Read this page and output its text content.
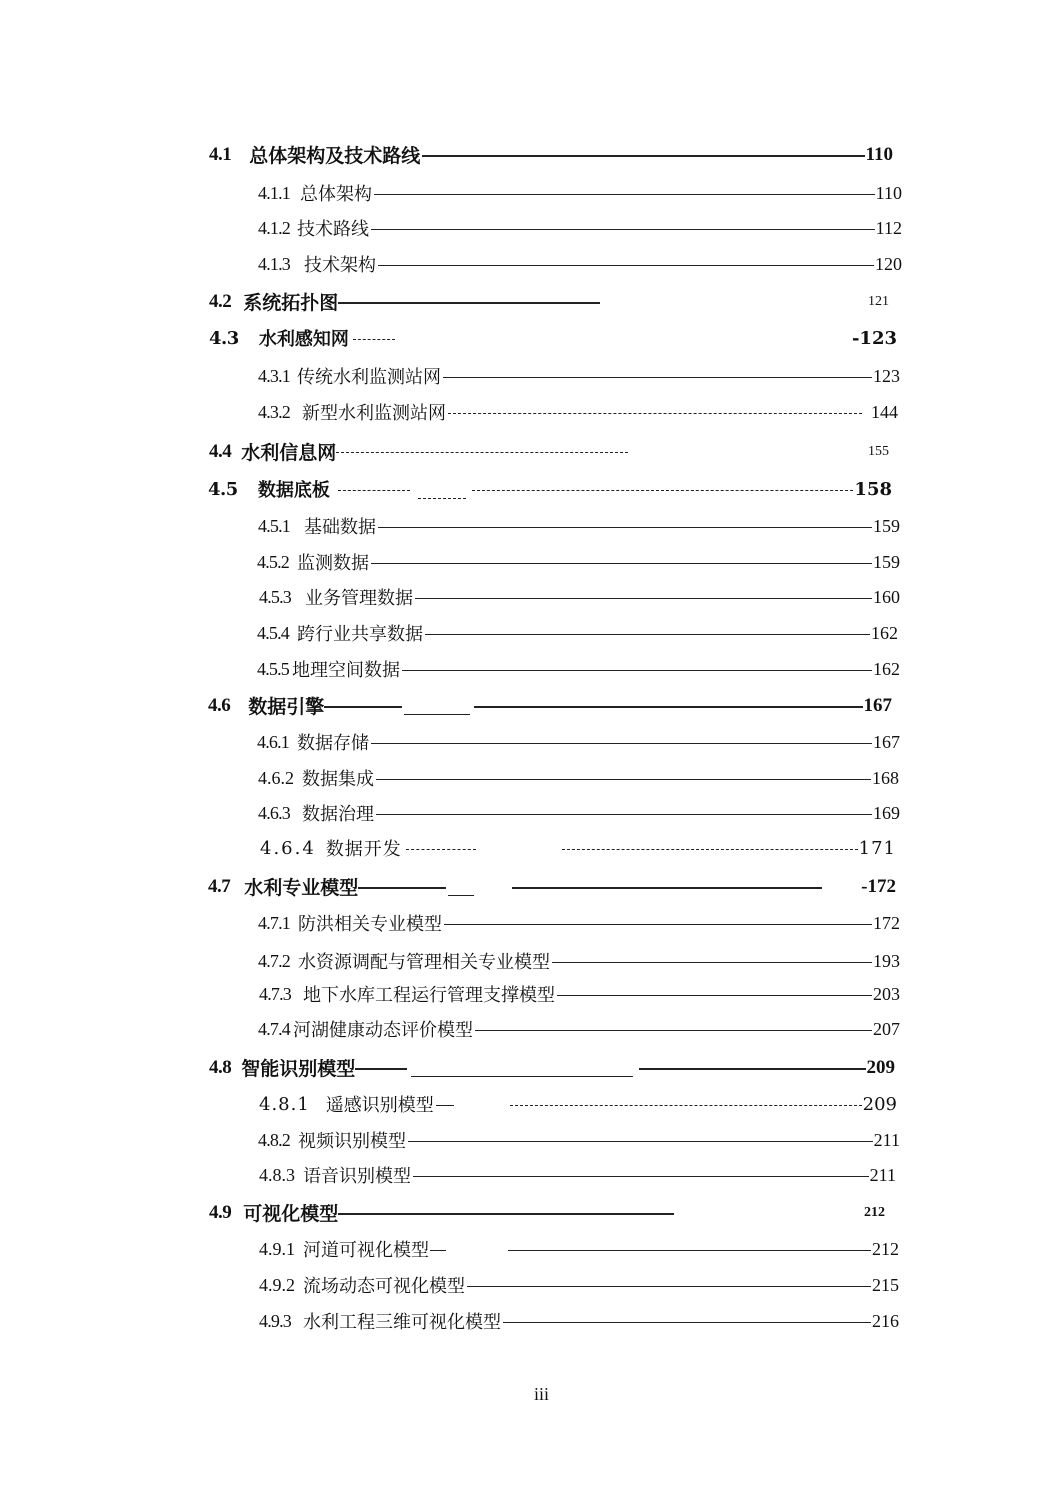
4.1 总体架构及技术路线	110
4.1.1 总体架构	110
4.1.2 技术路线	112
4.1.3 技术架构	120
4.2 系统拓扑图	121
4.3 水利感知网	-123
4.3.1 传统水利监测站网	123
4.3.2 新型水利监测站网	144
4.4 水利信息网	155
4.5 数据底板	158
4.5.1 基础数据	159
4.5.2 监测数据	159
4.5.3 业务管理数据	160
4.5.4 跨行业共享数据	162
4.5.5 地理空间数据	162
4.6 数据引擎	167
4.6.1 数据存储	167
4.6.2 数据集成	168
4.6.3 数据治理	169
4.6.4 数据开发	171
4.7 水利专业模型	-172
4.7.1 防洪相关专业模型	172
4.7.2 水资源调配与管理相关专业模型	193
4.7.3 地下水库工程运行管理支撑模型	203
4.7.4 河湖健康动态评价模型	207
4.8 智能识别模型	209
4.8.1 遥感识别模型	209
4.8.2 视频识别模型	211
4.8.3 语音识别模型	211
4.9 可视化模型	212
4.9.1 河道可视化模型	212
4.9.2 流场动态可视化模型	215
4.9.3 水利工程三维可视化模型	216
iii
